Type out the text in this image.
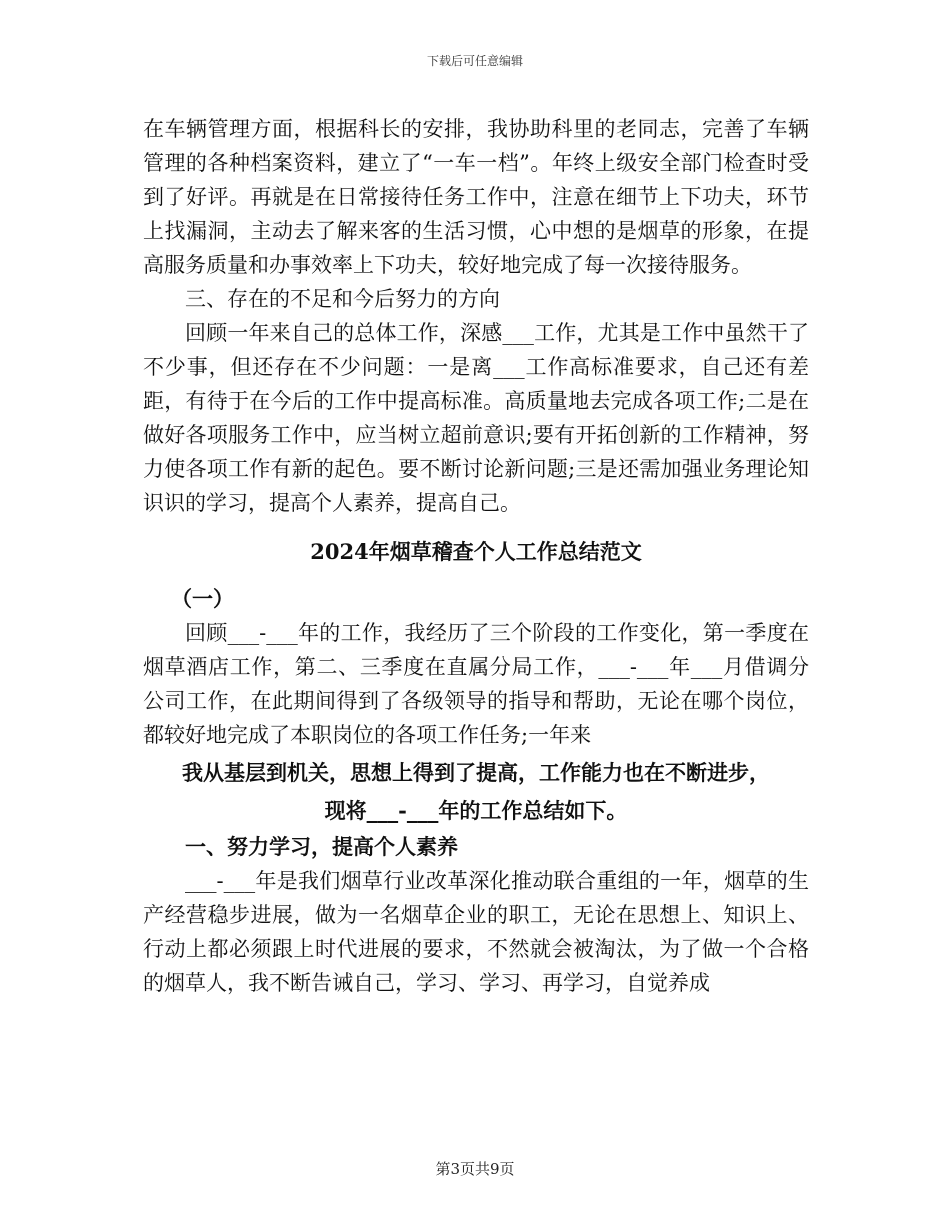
下载后可任意编辑

在车辆管理方面，根据科长的安排，我协助科里的老同志，完善了车辆管理的各种档案资料，建立了“一车一档”。年终上级安全部门检查时受到了好评。再就是在日常接待任务工作中，注意在细节上下功夫，环节上找漏洞，主动去了解来客的生活习惯，心中想的是烟草的形象，在提高服务质量和办事效率上下功夫，较好地完成了每一次接待服务。

三、存在的不足和今后努力的方向

回顾一年来自己的总体工作，深感___工作，尤其是工作中虽然干了不少事，但还存在不少问题：一是离___工作高标准要求，自己还有差距，有待于在今后的工作中提高标准。高质量地去完成各项工作;二是在做好各项服务工作中，应当树立超前意识;要有开拓创新的工作精神，努力使各项工作有新的起色。要不断讨论新问题;三是还需加强业务理论知识识的学习，提高个人素养，提高自己。

2024年烟草稽查个人工作总结范文

（一）

回顾___-___年的工作，我经历了三个阶段的工作变化，第一季度在烟草酒店工作，第二、三季度在直属分局工作，___-___年___月借调分公司工作，在此期间得到了各级领导的指导和帮助，无论在哪个岗位，都较好地完成了本职岗位的各项工作任务;一年来

我从基层到机关，思想上得到了提高，工作能力也在不断进步，

现将___-___年的工作总结如下。

一、努力学习，提高个人素养

___-___年是我们烟草行业改革深化推动联合重组的一年，烟草的生产经营稳步进展，做为一名烟草企业的职工，无论在思想上、知识上、行动上都必须跟上时代进展的要求，不然就会被淘汰，为了做一个合格的烟草人，我不断告诫自己，学习、学习、再学习，自觉养成

第3页共9页
